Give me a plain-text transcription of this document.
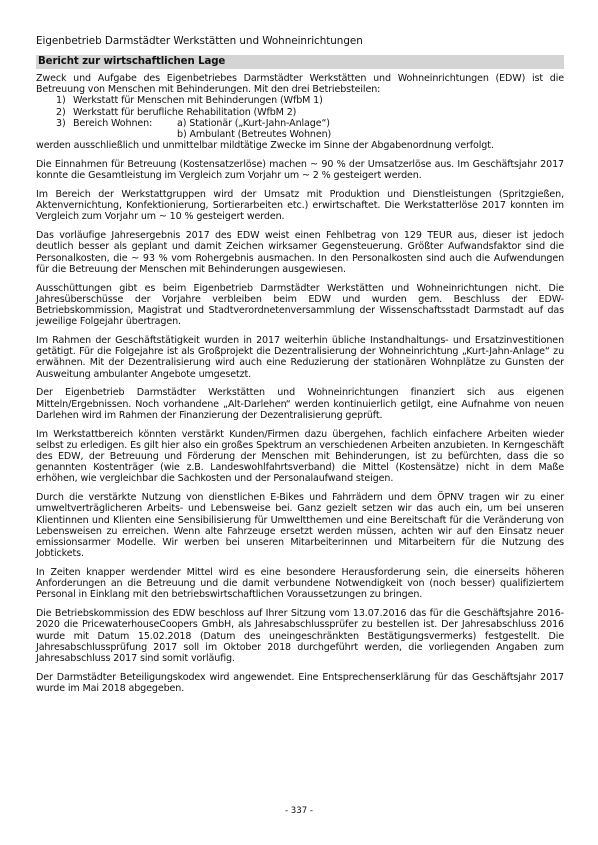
Eigenbetrieb Darmstädter Werkstätten und Wohneinrichtungen
Bericht zur wirtschaftlichen Lage

Zweck und Aufgabe des Eigenbetriebes Darmstädter Werkstätten und Wohneinrichtungen (EDW) ist die Betreuung von Menschen mit Behinderungen. Mit den drei Betriebsteilen:

1) Werkstatt für Menschen mit Behinderungen (WfbM 1)
2) Werkstatt für berufliche Rehabilitation (WfbM 2)
3) Bereich Wohnen:	a) Stationär („Kurt-Jahn-Anlage“)
b) Ambulant (Betreutes Wohnen)

werden ausschließlich und unmittelbar mildtätige Zwecke im Sinne der Abgabenordnung verfolgt.

Die Einnahmen für Betreuung (Kostensatzerlöse) machen ~ 90 % der Umsatzerlöse aus. Im Geschäftsjahr 2017 konnte die Gesamtleistung im Vergleich zum Vorjahr um ~ 2 % gesteigert werden.

Im Bereich der Werkstattgruppen wird der Umsatz mit Produktion und Dienstleistungen (Spritzgießen, Aktenvernichtung, Konfektionierung, Sortierarbeiten etc.) erwirtschaftet. Die Werkstatterlöse 2017 konnten im Vergleich zum Vorjahr um ~ 10 % gesteigert werden.

Das vorläufige Jahresergebnis 2017 des EDW weist einen Fehlbetrag von 129 TEUR aus, dieser ist jedoch deutlich besser als geplant und damit Zeichen wirksamer Gegensteuerung. Größter Aufwandsfaktor sind die Personalkosten, die ~ 93 % vom Rohergebnis ausmachen. In den Personalkosten sind auch die Aufwendungen für die Betreuung der Menschen mit Behinderungen ausgewiesen.

Ausschüttungen gibt es beim Eigenbetrieb Darmstädter Werkstätten und Wohneinrichtungen nicht. Die Jahresüberschüsse der Vorjahre verbleiben beim EDW und wurden gem. Beschluss der EDW-Betriebskommission, Magistrat und Stadtverordnetenversammlung der Wissenschaftsstadt Darmstadt auf das jeweilige Folgejahr übertragen.

Im Rahmen der Geschäftstätigkeit wurden in 2017 weiterhin übliche Instandhaltungs- und Ersatzinvestitionen getätigt. Für die Folgejahre ist als Großprojekt die Dezentralisierung der Wohneinrichtung „Kurt-Jahn-Anlage“ zu erwähnen. Mit der Dezentralisierung wird auch eine Reduzierung der stationären Wohnplätze zu Gunsten der Ausweitung ambulanter Angebote umgesetzt.

Der Eigenbetrieb Darmstädter Werkstätten und Wohneinrichtungen finanziert sich aus eigenen Mitteln/Ergebnissen. Noch vorhandene „Alt-Darlehen“ werden kontinuierlich getilgt, eine Aufnahme von neuen Darlehen wird im Rahmen der Finanzierung der Dezentralisierung geprüft.

Im Werkstattbereich könnten verstärkt Kunden/Firmen dazu übergehen, fachlich einfachere Arbeiten wieder selbst zu erledigen. Es gilt hier also ein großes Spektrum an verschiedenen Arbeiten anzubieten. In Kerngeschäft des EDW, der Betreuung und Förderung der Menschen mit Behinderungen, ist zu befürchten, dass die so genannten Kostenträger (wie z.B. Landeswohlfahrtsverband) die Mittel (Kostensätze) nicht in dem Maße erhöhen, wie vergleichbar die Sachkosten und der Personalaufwand steigen.

Durch die verstärkte Nutzung von dienstlichen E-Bikes und Fahrrädern und dem ÖPNV tragen wir zu einer umweltverträglicheren Arbeits- und Lebensweise bei. Ganz gezielt setzen wir das auch ein, um bei unseren Klientinnen und Klienten eine Sensibilisierung für Umweltthemen und eine Bereitschaft für die Veränderung von Lebensweisen zu erreichen. Wenn alte Fahrzeuge ersetzt werden müssen, achten wir auf den Einsatz neuer emissionsarmer Modelle. Wir werben bei unseren Mitarbeiterinnen und Mitarbeitern für die Nutzung des Jobtickets.

In Zeiten knapper werdender Mittel wird es eine besondere Herausforderung sein, die einerseits höheren Anforderungen an die Betreuung und die damit verbundene Notwendigkeit von (noch besser) qualifiziertem Personal in Einklang mit den betriebswirtschaftlichen Voraussetzungen zu bringen.

Die Betriebskommission des EDW beschloss auf Ihrer Sitzung vom 13.07.2016 das für die Geschäftsjahre 2016-2020 die PricewaterhouseCoopers GmbH, als Jahresabschlussprüfer zu bestellen ist. Der Jahresabschluss 2016 wurde mit Datum 15.02.2018 (Datum des uneingeschränkten Bestätigungsvermerks) festgestellt. Die Jahresabschlussprüfung 2017 soll im Oktober 2018 durchgeführt werden, die vorliegenden Angaben zum Jahresabschluss 2017 sind somit vorläufig.

Der Darmstädter Beteiligungskodex wird angewendet. Eine Entsprechenserklärung für das Geschäftsjahr 2017 wurde im Mai 2018 abgegeben.

- 337 -
